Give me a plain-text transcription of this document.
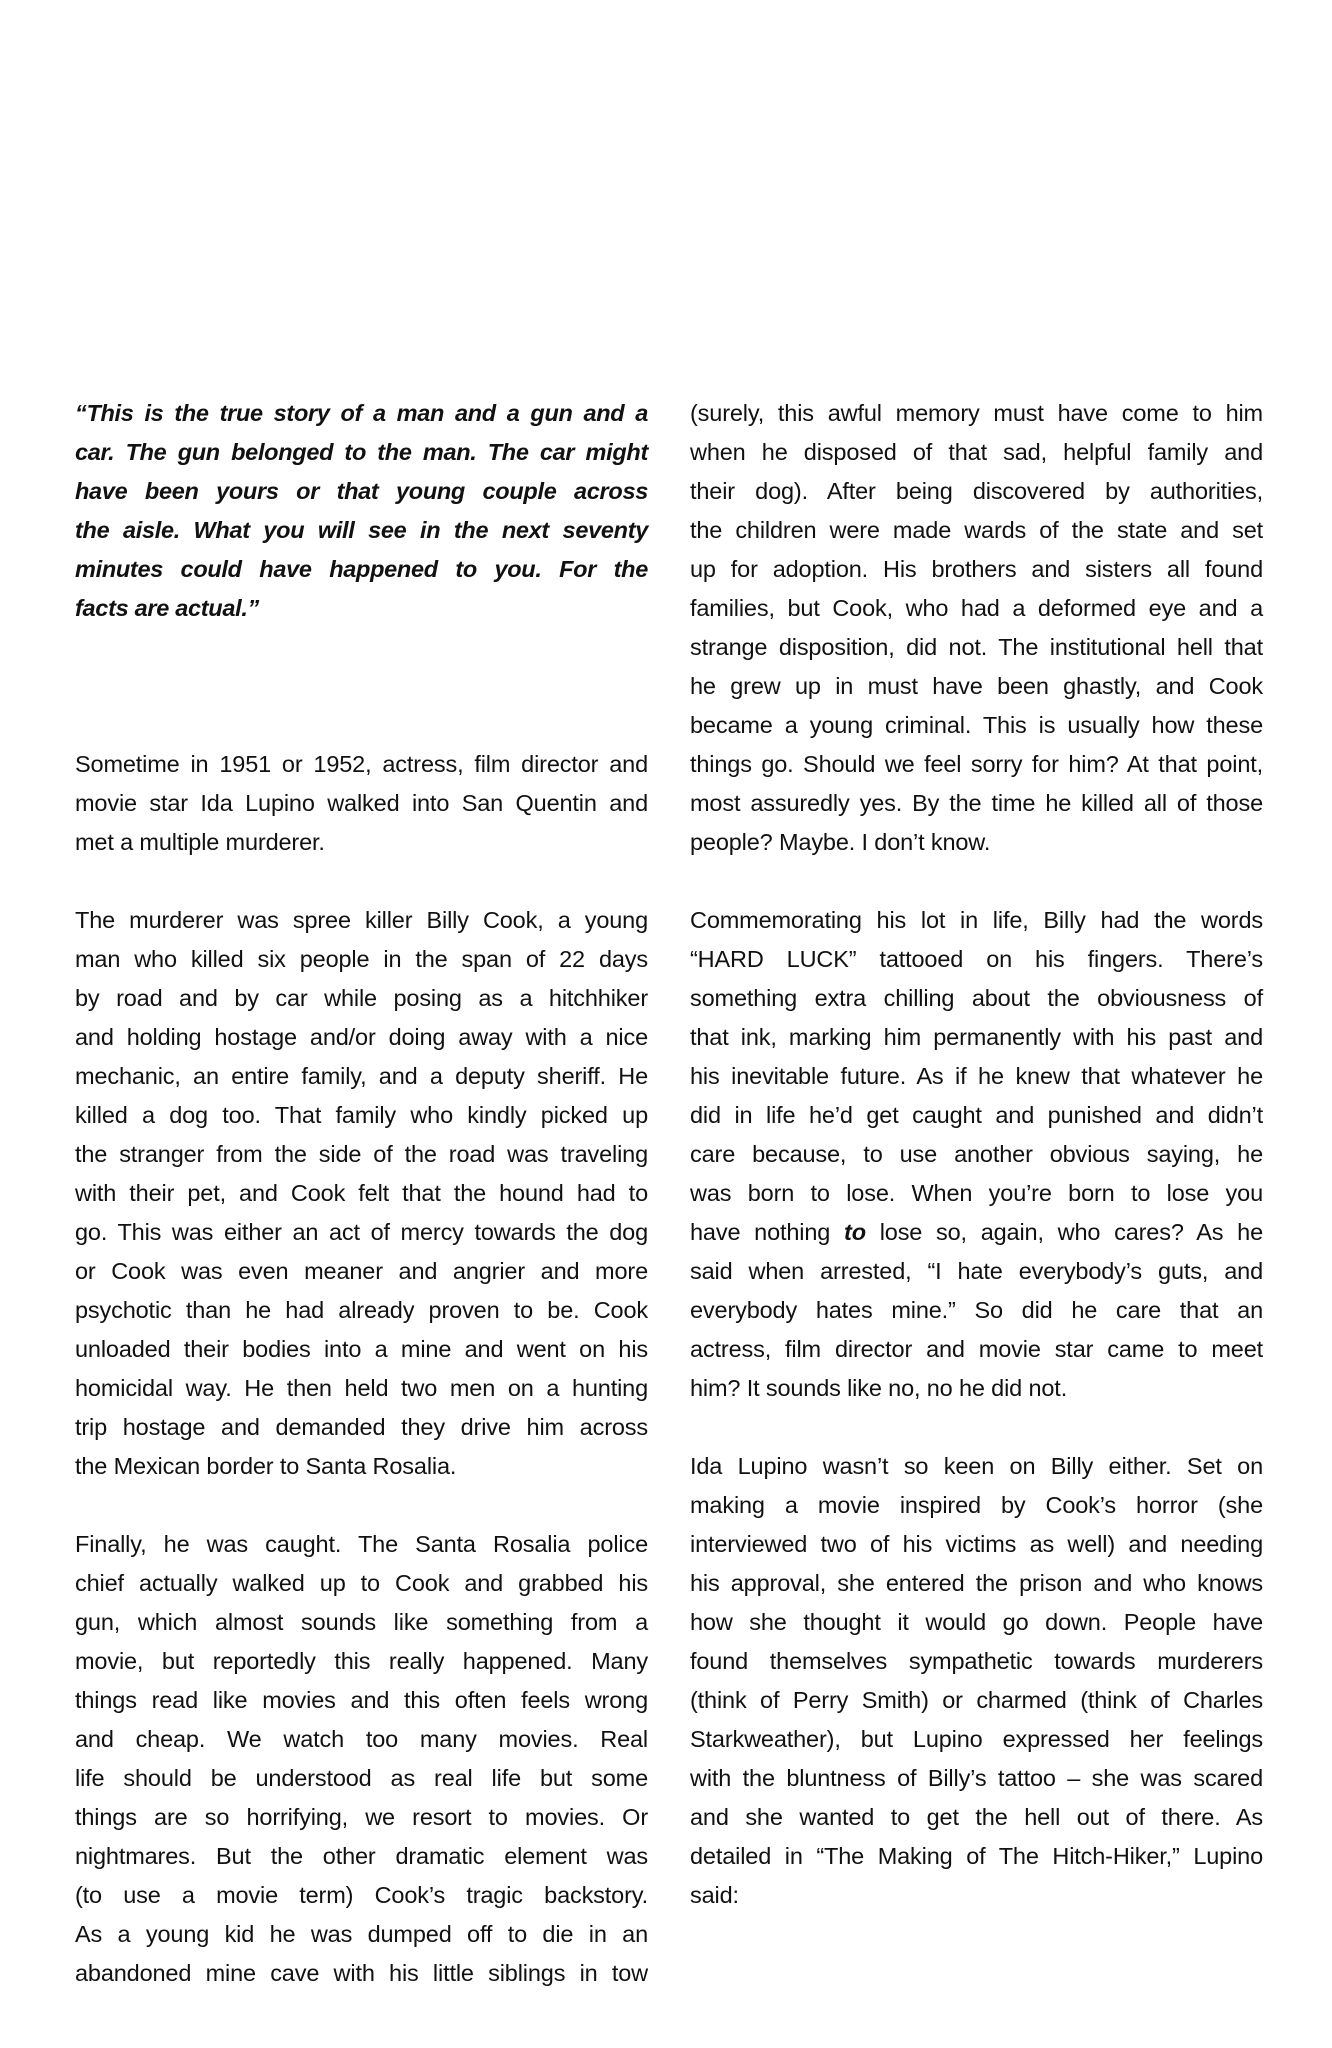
“This is the true story of a man and a gun and a
car. The gun belonged to the man. The car might
have been yours or that young couple across
the aisle. What you will see in the next seventy
minutes could have happened to you. For the
facts are actual.”
Sometime in 1951 or 1952, actress, film director and
movie star Ida Lupino walked into San Quentin and
met a multiple murderer.
The murderer was spree killer Billy Cook, a young
man who killed six people in the span of 22 days
by road and by car while posing as a hitchhiker
and holding hostage and/or doing away with a nice
mechanic, an entire family, and a deputy sheriff. He
killed a dog too. That family who kindly picked up
the stranger from the side of the road was traveling
with their pet, and Cook felt that the hound had to
go. This was either an act of mercy towards the dog
or Cook was even meaner and angrier and more
psychotic than he had already proven to be. Cook
unloaded their bodies into a mine and went on his
homicidal way. He then held two men on a hunting
trip hostage and demanded they drive him across
the Mexican border to Santa Rosalia.
Finally, he was caught. The Santa Rosalia police
chief actually walked up to Cook and grabbed his
gun, which almost sounds like something from a
movie, but reportedly this really happened. Many
things read like movies and this often feels wrong
and cheap. We watch too many movies. Real
life should be understood as real life but some
things are so horrifying, we resort to movies. Or
nightmares. But the other dramatic element was
(to use a movie term) Cook’s tragic backstory.
As a young kid he was dumped off to die in an
abandoned mine cave with his little siblings in tow
(surely, this awful memory must have come to him
when he disposed of that sad, helpful family and
their dog). After being discovered by authorities,
the children were made wards of the state and set
up for adoption. His brothers and sisters all found
families, but Cook, who had a deformed eye and a
strange disposition, did not. The institutional hell that
he grew up in must have been ghastly, and Cook
became a young criminal. This is usually how these
things go. Should we feel sorry for him? At that point,
most assuredly yes. By the time he killed all of those
people? Maybe. I don’t know.
Commemorating his lot in life, Billy had the words
“HARD LUCK” tattooed on his fingers. There’s
something extra chilling about the obviousness of
that ink, marking him permanently with his past and
his inevitable future. As if he knew that whatever he
did in life he’d get caught and punished and didn’t
care because, to use another obvious saying, he
was born to lose. When you’re born to lose you
have nothing to lose so, again, who cares? As he
said when arrested, “I hate everybody’s guts, and
everybody hates mine.” So did he care that an
actress, film director and movie star came to meet
him? It sounds like no, no he did not.
Ida Lupino wasn’t so keen on Billy either. Set on
making a movie inspired by Cook’s horror (she
interviewed two of his victims as well) and needing
his approval, she entered the prison and who knows
how she thought it would go down. People have
found themselves sympathetic towards murderers
(think of Perry Smith) or charmed (think of Charles
Starkweather), but Lupino expressed her feelings
with the bluntness of Billy’s tattoo – she was scared
and she wanted to get the hell out of there. As
detailed in “The Making of The Hitch-Hiker,” Lupino
said:
